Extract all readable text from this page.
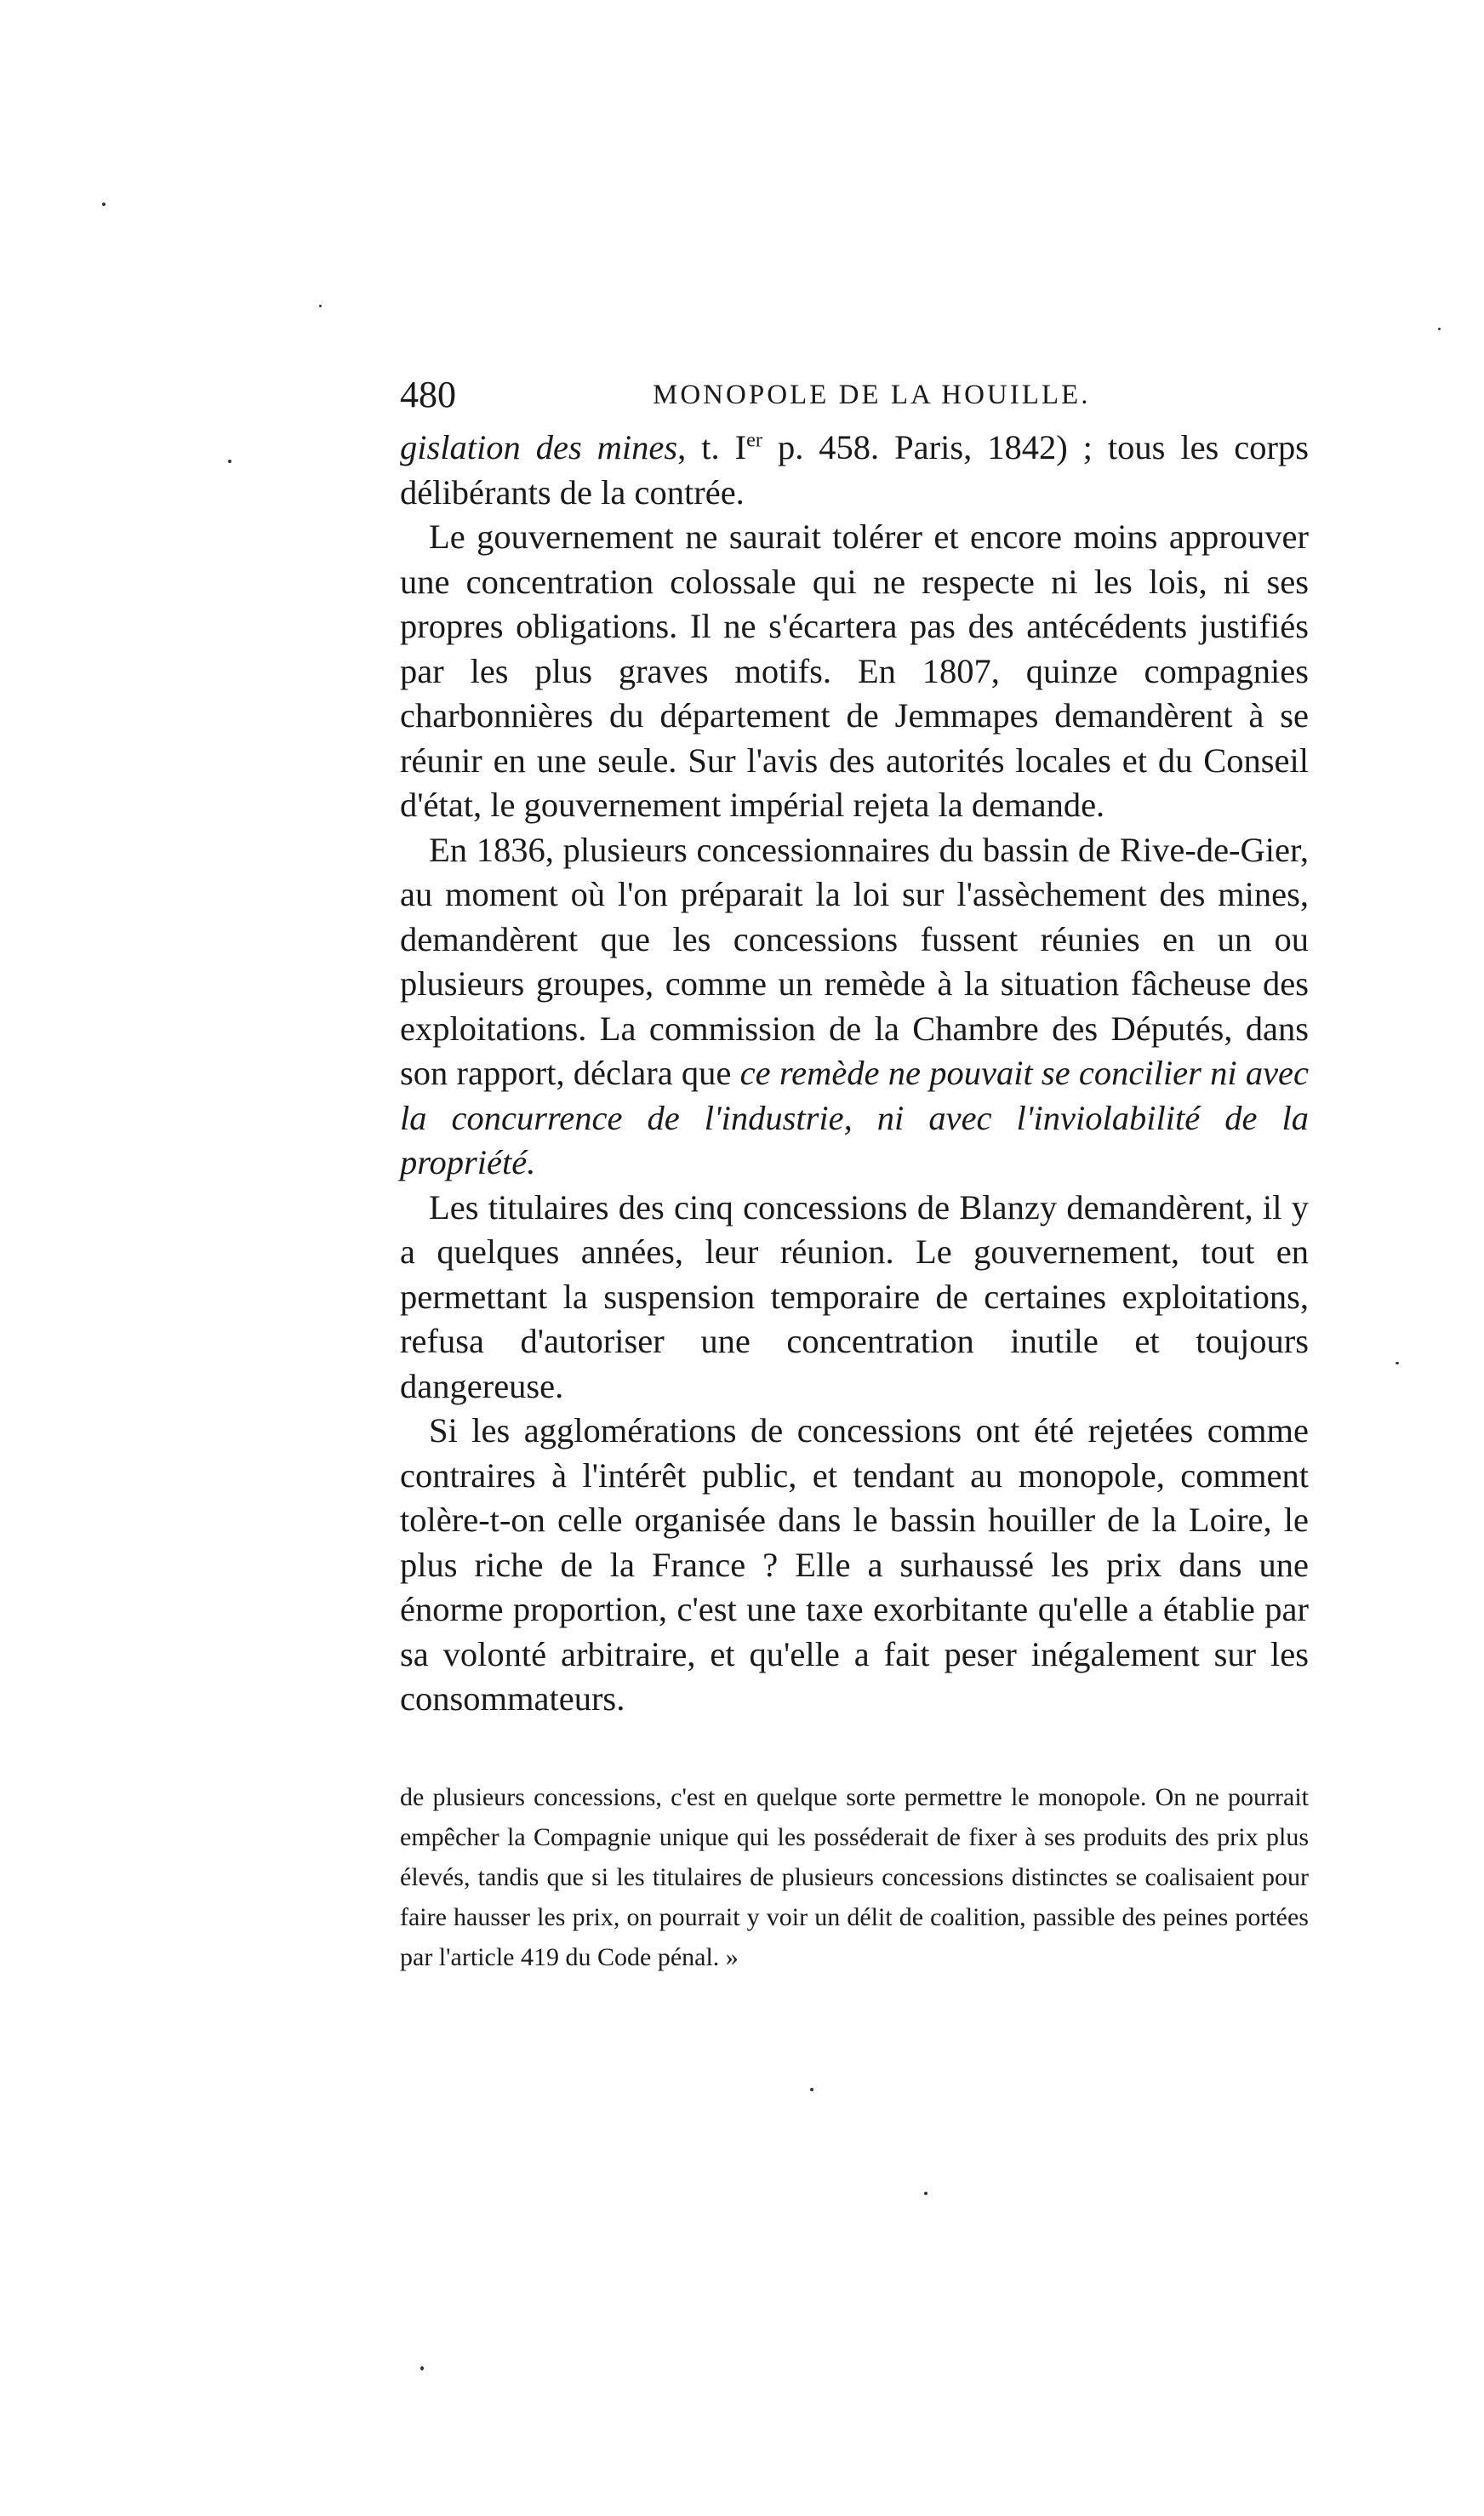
480	MONOPOLE DE LA HOUILLE.

gislation des mines, t. Ier p. 458. Paris, 1842) ; tous les corps délibérants de la contrée.

Le gouvernement ne saurait tolérer et encore moins approuver une concentration colossale qui ne respecte ni les lois, ni ses propres obligations. Il ne s'écartera pas des antécédents justifiés par les plus graves motifs. En 1807, quinze compagnies charbonnières du département de Jemmapes demandèrent à se réunir en une seule. Sur l'avis des autorités locales et du Conseil d'état, le gouvernement impérial rejeta la demande.

En 1836, plusieurs concessionnaires du bassin de Rive-de-Gier, au moment où l'on préparait la loi sur l'assèchement des mines, demandèrent que les concessions fussent réunies en un ou plusieurs groupes, comme un remède à la situation fâcheuse des exploitations. La commission de la Chambre des Députés, dans son rapport, déclara que ce remède ne pouvait se concilier ni avec la concurrence de l'industrie, ni avec l'inviolabilité de la propriété.

Les titulaires des cinq concessions de Blanzy demandèrent, il y a quelques années, leur réunion. Le gouvernement, tout en permettant la suspension temporaire de certaines exploitations, refusa d'autoriser une concentration inutile et toujours dangereuse.

Si les agglomérations de concessions ont été rejetées comme contraires à l'intérêt public, et tendant au monopole, comment tolère-t-on celle organisée dans le bassin houiller de la Loire, le plus riche de la France ? Elle a surhaussé les prix dans une énorme proportion, c'est une taxe exorbitante qu'elle a établie par sa volonté arbitraire, et qu'elle a fait peser inégalement sur les consommateurs.

de plusieurs concessions, c'est en quelque sorte permettre le monopole. On ne pourrait empêcher la Compagnie unique qui les posséderait de fixer à ses produits des prix plus élevés, tandis que si les titulaires de plusieurs concessions distinctes se coalisaient pour faire hausser les prix, on pourrait y voir un délit de coalition, passible des peines portées par l'article 419 du Code pénal. »
